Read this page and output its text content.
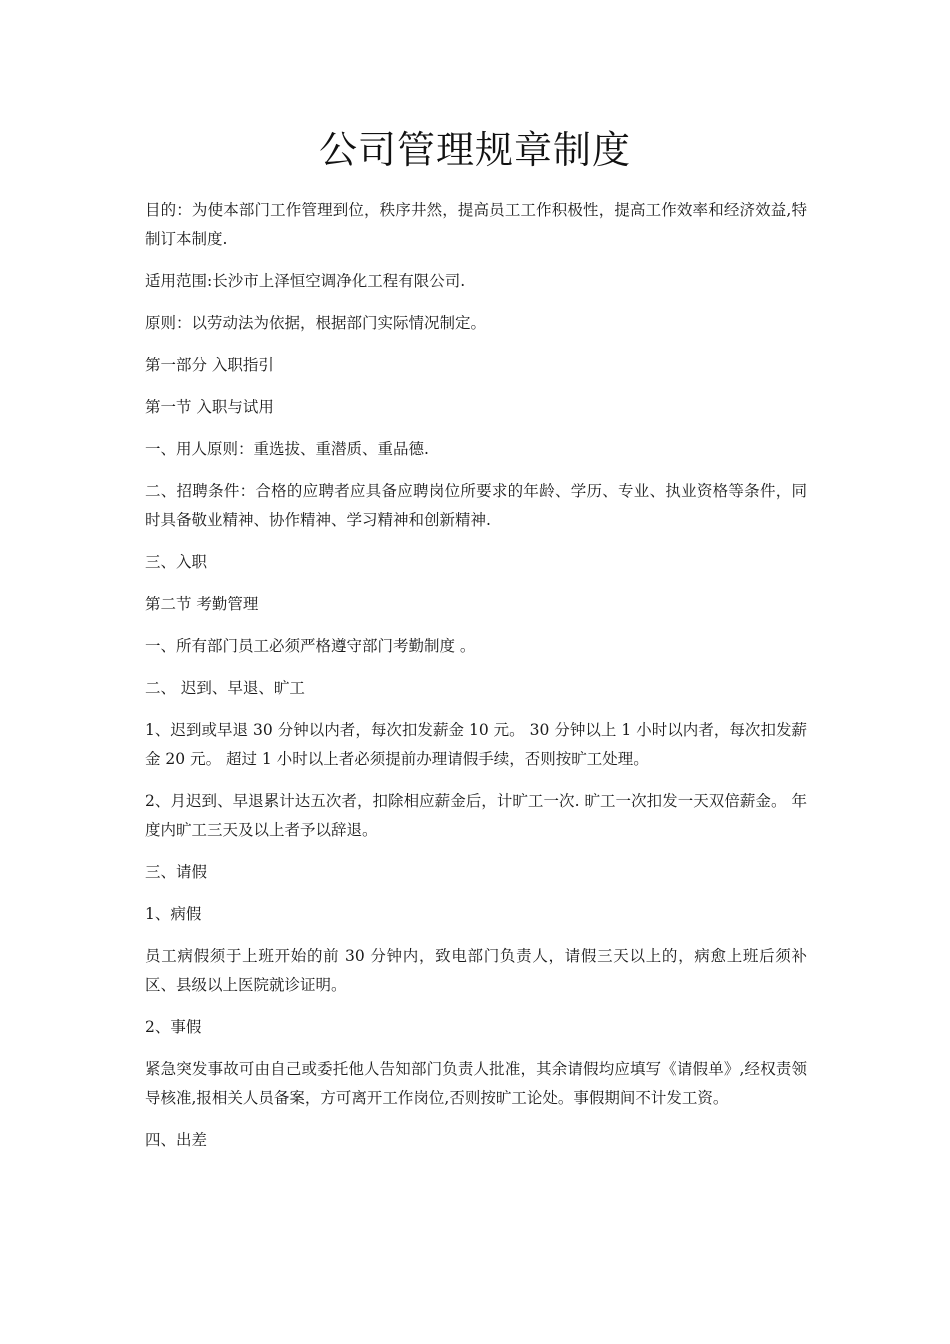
公司管理规章制度

目的：为使本部门工作管理到位，秩序井然，提高员工工作积极性，提高工作效率和经济效益,特制订本制度.

适用范围:长沙市上泽恒空调净化工程有限公司.

原则：以劳动法为依据，根据部门实际情况制定。

第一部分 入职指引

第一节 入职与试用

一、用人原则：重选拔、重潜质、重品德.

二、招聘条件：合格的应聘者应具备应聘岗位所要求的年龄、学历、专业、执业资格等条件，同时具备敬业精神、协作精神、学习精神和创新精神.

三、入职

第二节 考勤管理

一、所有部门员工必须严格遵守部门考勤制度 。

二、 迟到、早退、旷工

1、迟到或早退 30 分钟以内者，每次扣发薪金 10 元。 30 分钟以上 1 小时以内者，每次扣发薪金 20 元。 超过 1 小时以上者必须提前办理请假手续，否则按旷工处理。

2、月迟到、早退累计达五次者，扣除相应薪金后，计旷工一次. 旷工一次扣发一天双倍薪金。 年度内旷工三天及以上者予以辞退。

三、请假

1、病假

员工病假须于上班开始的前 30 分钟内，致电部门负责人，请假三天以上的，病愈上班后须补区、县级以上医院就诊证明。

2、事假

紧急突发事故可由自己或委托他人告知部门负责人批准，其余请假均应填写《请假单》,经权责领导核准,报相关人员备案，方可离开工作岗位,否则按旷工论处。事假期间不计发工资。

四、出差
